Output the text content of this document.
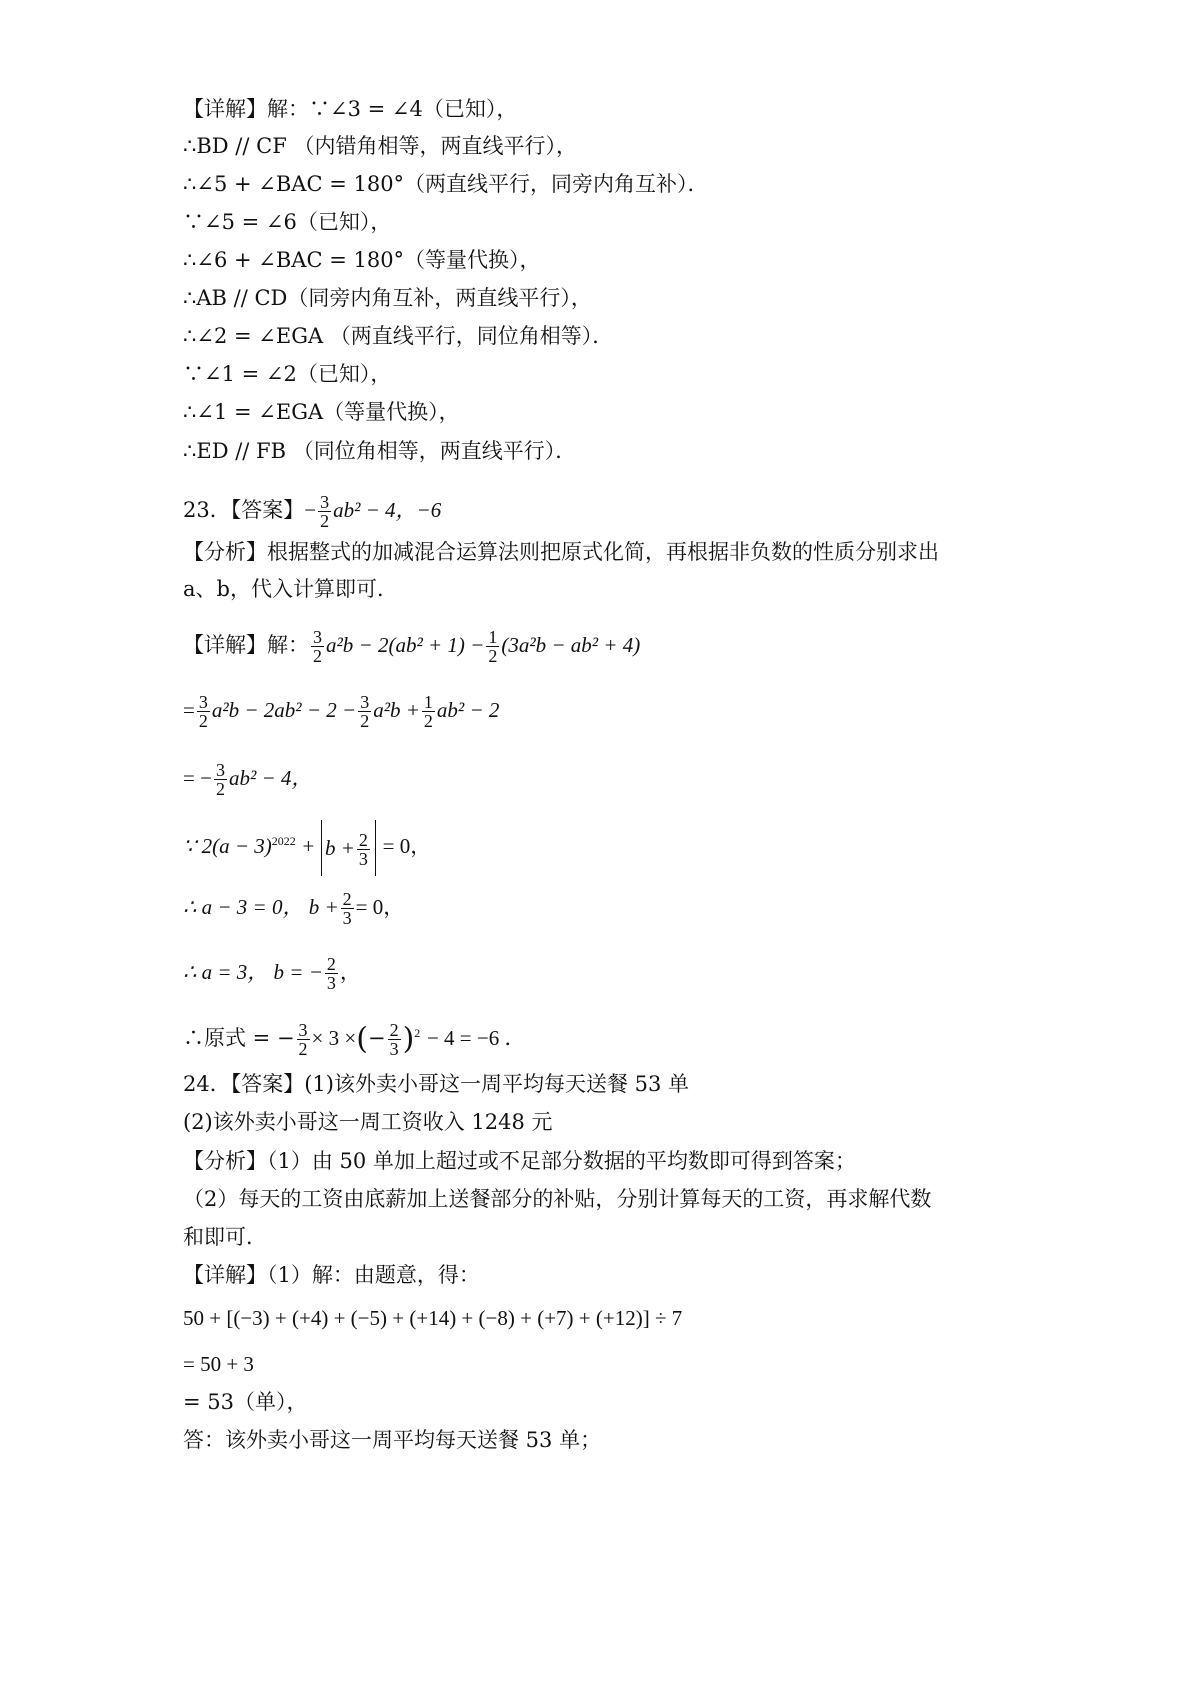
【详解】解：∵∠3 = ∠4（已知），
∴BD // CF （内错角相等，两直线平行），
∴∠5 + ∠BAC = 180°（两直线平行，同旁内角互补）．
∵∠5 = ∠6（已知），
∴∠6 + ∠BAC = 180°（等量代换），
∴AB // CD（同旁内角互补，两直线平行），
∴∠2 = ∠EGA （两直线平行，同位角相等）．
∵∠1 = ∠2（已知），
∴∠1 = ∠EGA（等量代换），
∴ED // FB （同位角相等，两直线平行）．
23．【答案】− $\frac{3}{2} ab^2 - 4$，−6
【分析】根据整式的加减混合运算法则把原式化简，再根据非负数的性质分别求出
a、b，代入计算即可．
【详解】解： $\frac{3}{2} a^2b - 2(ab^2 + 1) - \frac{1}{2} (3a^2b - ab^2 + 4)$
= $\frac{3}{2} a^2b - 2ab^2 - 2 - \frac{3}{2} a^2b + \frac{1}{2} ab^2 - 2$
= − $\frac{3}{2} ab^2 - 4$，
∵ $2(a - 3)^{2022} + b + \frac{2}{3} = 0$，
∴ a − 3 = 0， $b + \frac{2}{3} = 0$，
∴ a = 3， b = − $\frac{2}{3}$ ，
∴原式 = − $\frac{3}{2} \times 3$ ×(− $\frac{2}{3} )^2 - 4 = -6$ ．
24．【答案】(1)该外卖小哥这一周平均每天送餐 53 单
(2)该外卖小哥这一周工资收入 1248 元
【分析】（1）由 50 单加上超过或不足部分数据的平均数即可得到答案；
（2）每天的工资由底薪加上送餐部分的补贴，分别计算每天的工资，再求解代数
和即可．
【详解】（1）解：由题意，得：
50 + [(−3) + (+4) + (−5) + (+14) + (−8) + (+7) + (+12)] ÷ 7
= 50 + 3
= 53（单），
答：该外卖小哥这一周平均每天送餐 53 单；
